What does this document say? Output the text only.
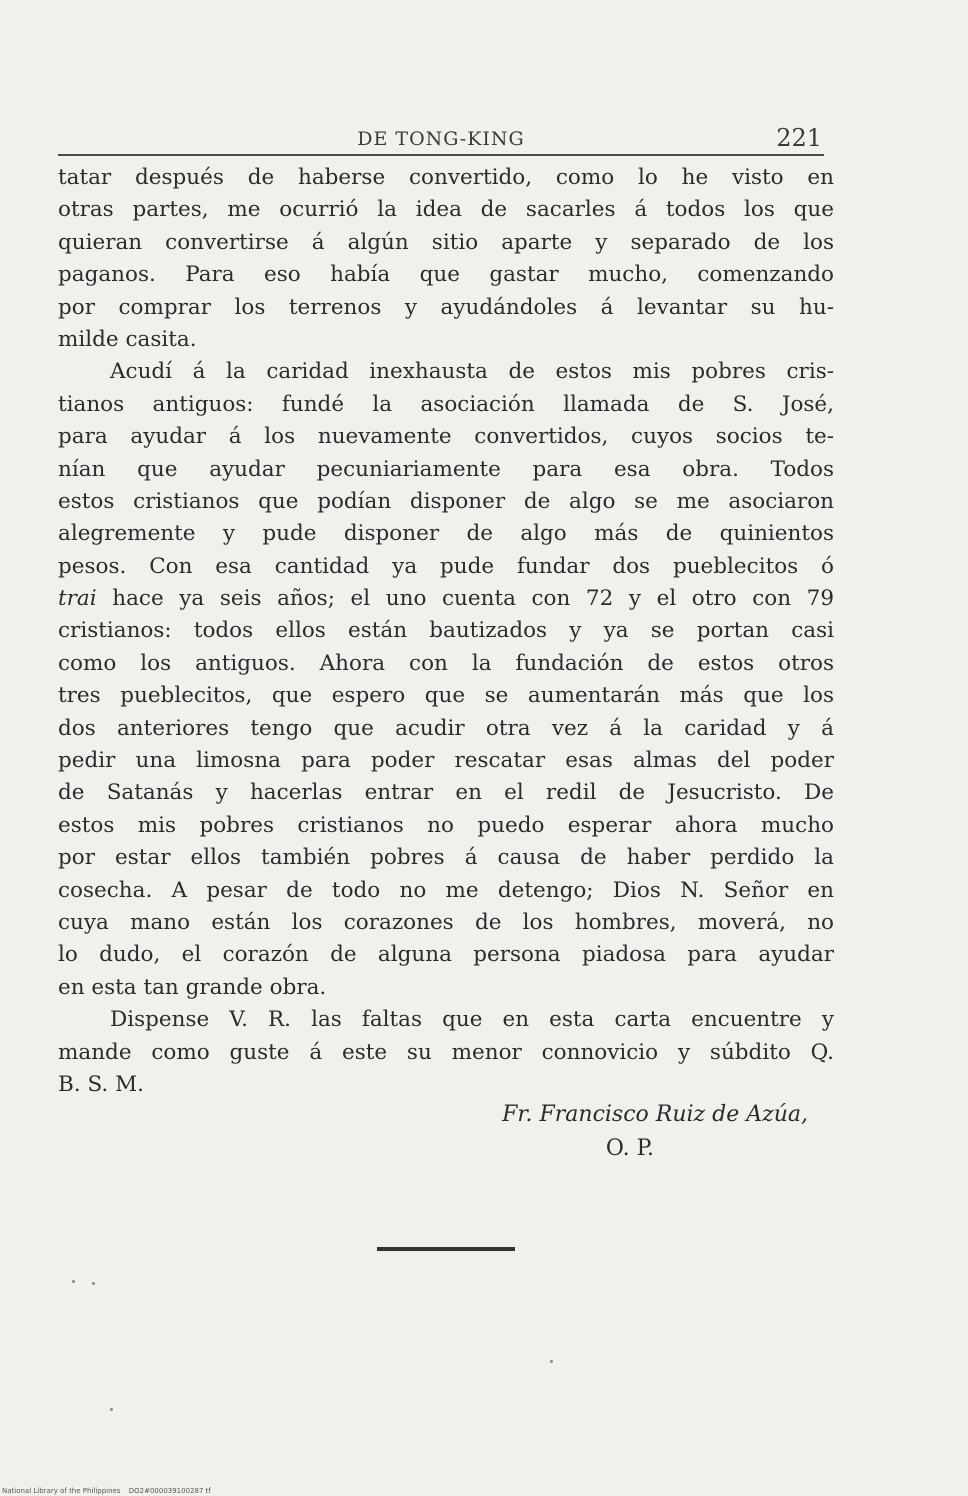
DE TONG-KING	221
tatar después de haberse convertido, como lo he visto en
otras partes, me ocurrió la idea de sacarles á todos los que
quieran convertirse á algún sitio aparte y separado de los
paganos. Para eso había que gastar mucho, comenzando
por comprar los terrenos y ayudándoles á levantar su hu-
milde casita.
Acudí á la caridad inexhausta de estos mis pobres cris-
tianos antiguos: fundé la asociación llamada de S. José,
para ayudar á los nuevamente convertidos, cuyos socios te-
nían que ayudar pecuniariamente para esa obra. Todos
estos cristianos que podían disponer de algo se me asociaron
alegremente y pude disponer de algo más de quinientos
pesos. Con esa cantidad ya pude fundar dos pueblecitos ó
trai hace ya seis años; el uno cuenta con 72 y el otro con 79
cristianos: todos ellos están bautizados y ya se portan casi
como los antiguos. Ahora con la fundación de estos otros
tres pueblecitos, que espero que se aumentarán más que los
dos anteriores tengo que acudir otra vez á la caridad y á
pedir una limosna para poder rescatar esas almas del poder
de Satanás y hacerlas entrar en el redil de Jesucristo. De
estos mis pobres cristianos no puedo esperar ahora mucho
por estar ellos también pobres á causa de haber perdido la
cosecha. A pesar de todo no me detengo; Dios N. Señor en
cuya mano están los corazones de los hombres, moverá, no
lo dudo, el corazón de alguna persona piadosa para ayudar
en esta tan grande obra.
Dispense V. R. las faltas que en esta carta encuentre y
mande como guste á este su menor connovicio y súbdito Q.
B. S. M.
Fr. Francisco Ruiz de Azúa,
O. P.
National Library of the Philippines DO2#000039100287 tf
